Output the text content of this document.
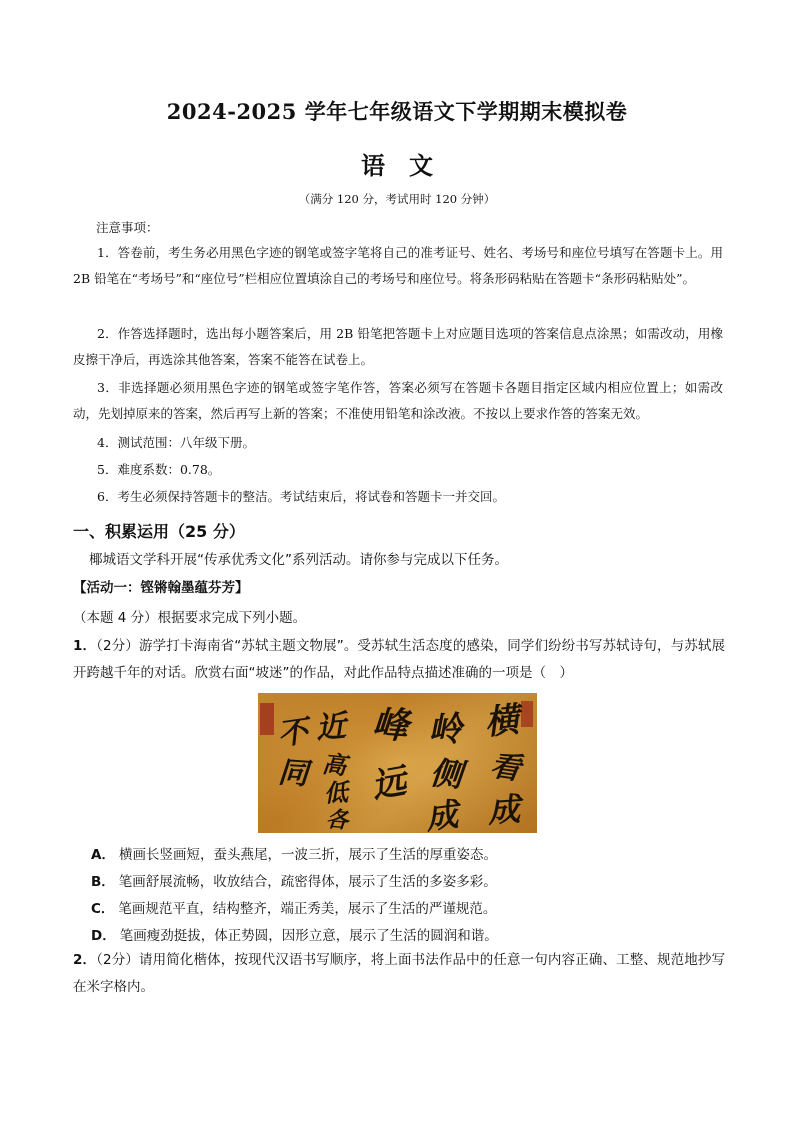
2024-2025 学年七年级语文下学期期末模拟卷
语文
（满分 120 分，考试用时 120 分钟）
注意事项：
1．答卷前，考生务必用黑色字迹的钢笔或签字笔将自己的准考证号、姓名、考场号和座位号填写在答题卡上。用 2B 铅笔在“考场号”和“座位号”栏相应位置填涂自己的考场号和座位号。将条形码粘贴在答题卡“条形码粘贴处”。
2．作答选择题时，选出每小题答案后，用 2B 铅笔把答题卡上对应题目选项的答案信息点涂黑；如需改动，用橡皮擦干净后，再选涂其他答案，答案不能答在试卷上。
3．非选择题必须用黑色字迹的钢笔或签字笔作答，答案必须写在答题卡各题目指定区域内相应位置上；如需改动，先划掉原来的答案，然后再写上新的答案；不准使用铅笔和涂改液。不按以上要求作答的答案无效。
4．测试范围：八年级下册。
5．难度系数：0.78。
6．考生必须保持答题卡的整洁。考试结束后，将试卷和答题卡一并交回。
一、积累运用（25 分）
椰城语文学科开展“传承优秀文化”系列活动。请你参与完成以下任务。
【活动一：铿锵翰墨蕴芬芳】
（本题 4 分）根据要求完成下列小题。
1．（2分）游学打卡海南省“苏轼主题文物展”。受苏轼生活态度的感染，同学们纷纷书写苏轼诗句，与苏轼展开跨越千年的对话。欣赏右面“坡迷”的作品，对此作品特点描述准确的一项是（　）
横
看
成
岭
侧
成
峰
远
近
高
低
各
不
同
A． 横画长竖画短，蚕头燕尾，一波三折，展示了生活的厚重姿态。
B． 笔画舒展流畅，收放结合，疏密得体，展示了生活的多姿多彩。
C． 笔画规范平直，结构整齐，端正秀美，展示了生活的严谨规范。
D． 笔画瘦劲挺拔，体正势圆，因形立意，展示了生活的圆润和谐。
2．（2分）请用简化楷体，按现代汉语书写顺序，将上面书法作品中的任意一句内容正确、工整、规范地抄写在米字格内。
